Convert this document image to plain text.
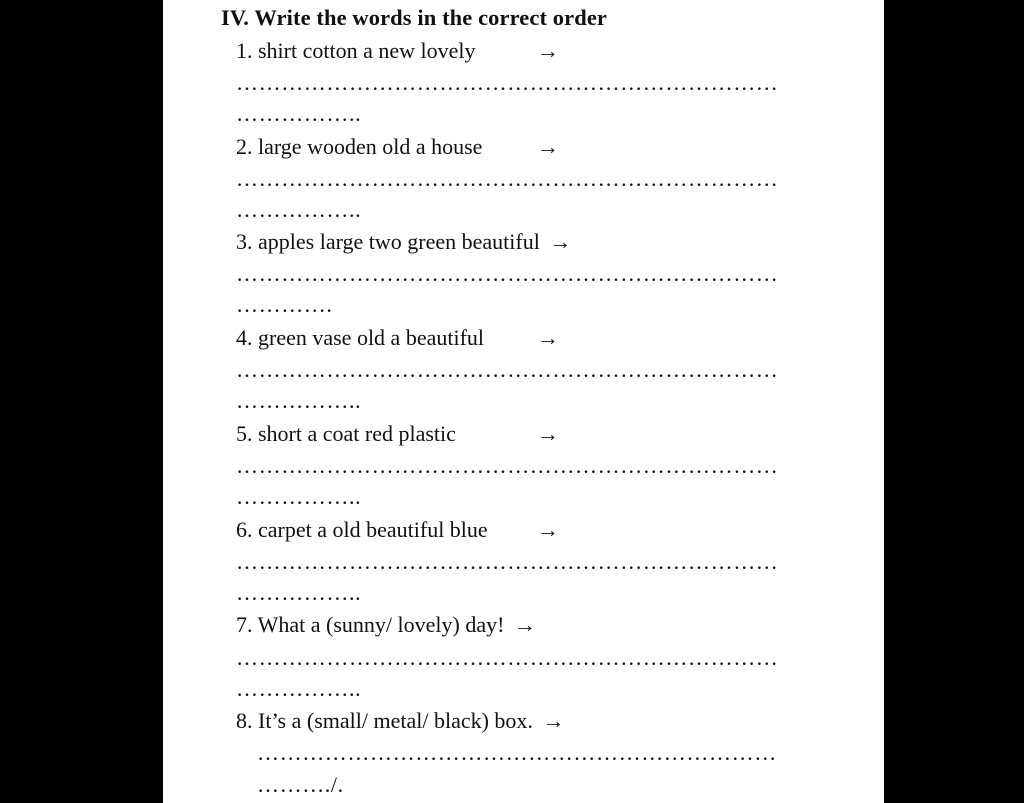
IV. Write the words in the correct order
1. shirt cotton a new lovely	→
………………………………………………………………
……………..
2. large wooden old a house →
………………………………………………………………
……………..
3. apples large two green beautiful →
………………………………………………………………
………….
4. green vase old a beautiful →
………………………………………………………………
……………..
5. short a coat red plastic	→
………………………………………………………………
……………..
6. carpet a old beautiful blue →
………………………………………………………………
……………..
7. What a (sunny/ lovely) day! →
………………………………………………………………
……………..
8. It’s a (small/ metal/ black) box. →
……………………………………………………………
………./.
